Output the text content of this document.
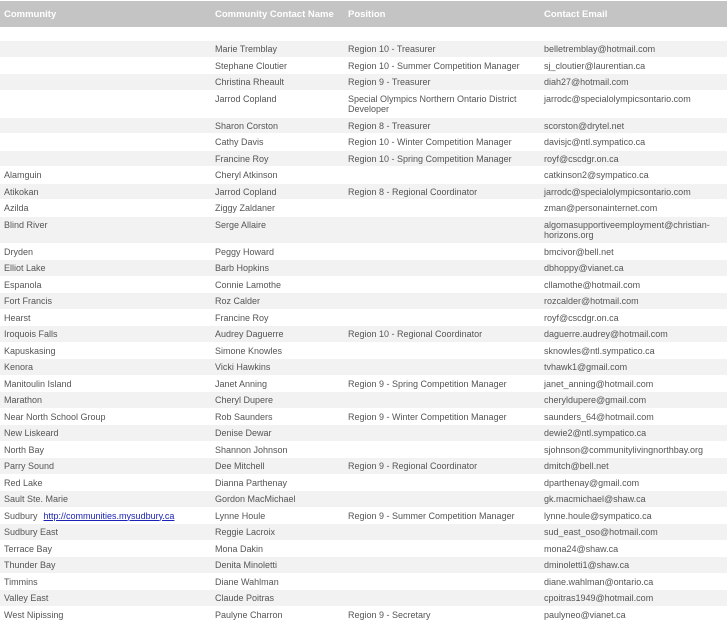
Community	Community Contact Name	Position	Contact Email

	Marie Tremblay	Region 10 - Treasurer	belletremblay@hotmail.com
	Stephane Cloutier	Region 10 - Summer Competition Manager	sj_cloutier@laurentian.ca
	Christina Rheault	Region 9 - Treasurer	diah27@hotmail.com
	Jarrod Copland	Special Olympics Northern Ontario District Developer	jarrodc@specialolympicsontario.com
	Sharon Corston	Region 8 - Treasurer	scorston@drytel.net
	Cathy Davis	Region 10 - Winter Competition Manager	davisjc@ntl.sympatico.ca
	Francine Roy	Region 10 - Spring Competition Manager	royf@cscdgr.on.ca
Alamguin	Cheryl Atkinson		catkinson2@sympatico.ca
Atikokan	Jarrod Copland	Region 8 - Regional Coordinator	jarrodc@specialolympicsontario.com
Azilda	Ziggy Zaldaner		zman@personainternet.com
Blind River	Serge Allaire		algomasupportiveemployment@christian-horizons.org
Dryden	Peggy Howard		bmcivor@bell.net
Elliot Lake	Barb Hopkins		dbhoppy@vianet.ca
Espanola	Connie Lamothe		cllamothe@hotmail.com
Fort Francis	Roz Calder		rozcalder@hotmail.com
Hearst	Francine Roy		royf@cscdgr.on.ca
Iroquois Falls	Audrey Daguerre	Region 10 - Regional Coordinator	daguerre.audrey@hotmail.com
Kapuskasing	Simone Knowles		sknowles@ntl.sympatico.ca
Kenora	Vicki Hawkins		tvhawk1@gmail.com
Manitoulin Island	Janet Anning	Region 9 - Spring Competition Manager	janet_anning@hotmail.com
Marathon	Cheryl Dupere		cheryldupere@gmail.com
Near North School Group	Rob Saunders	Region 9 - Winter Competition Manager	saunders_64@hotmail.com
New Liskeard	Denise Dewar		dewie2@ntl.sympatico.ca
North Bay	Shannon Johnson		sjohnson@communitylivingnorthbay.org
Parry Sound	Dee Mitchell	Region 9 - Regional Coordinator	dmitch@bell.net
Red Lake	Dianna Parthenay		dparthenay@gmail.com
Sault Ste. Marie	Gordon MacMichael		gk.macmichael@shaw.ca
Sudbury http://communities.mysudbury.ca	Lynne Houle	Region 9 - Summer Competition Manager	lynne.houle@sympatico.ca
Sudbury East	Reggie Lacroix		sud_east_oso@hotmail.com
Terrace Bay	Mona Dakin		mona24@shaw.ca
Thunder Bay	Denita Minoletti		dminoletti1@shaw.ca
Timmins	Diane Wahlman		diane.wahlman@ontario.ca
Valley East	Claude Poitras		cpoitras1949@hotmail.com
West Nipissing	Paulyne Charron	Region 9 - Secretary	paulyneo@vianet.ca
